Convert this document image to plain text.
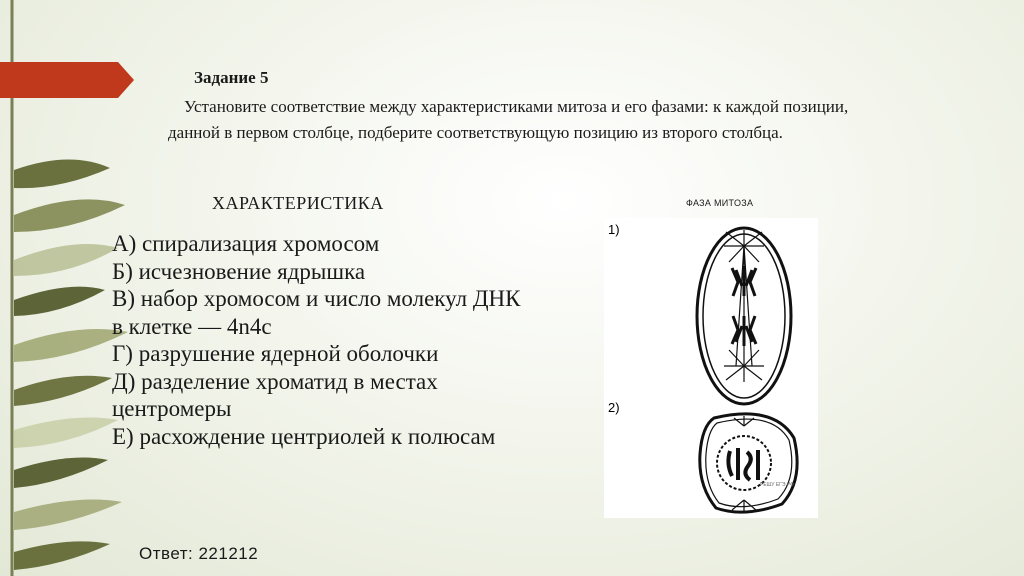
Задание 5
Установите соответствие между характеристиками митоза и его фазами: к каждой позиции, данной в первом столбце, подберите соответствующую позицию из второго столбца.
ХАРАКТЕРИСТИКА	ФАЗА МИТОЗА
А) спирализация хромосом
Б) исчезновение ядрышка
В) набор хромосом и число молекул ДНК
в клетке — 4n4c
Г) разрушение ядерной оболочки
Д) разделение хроматид в местах центромеры
Е) расхождение центриолей к полюсам
1)
2)
РЕШУ ЕГЭ.РФ
Ответ: 221212
